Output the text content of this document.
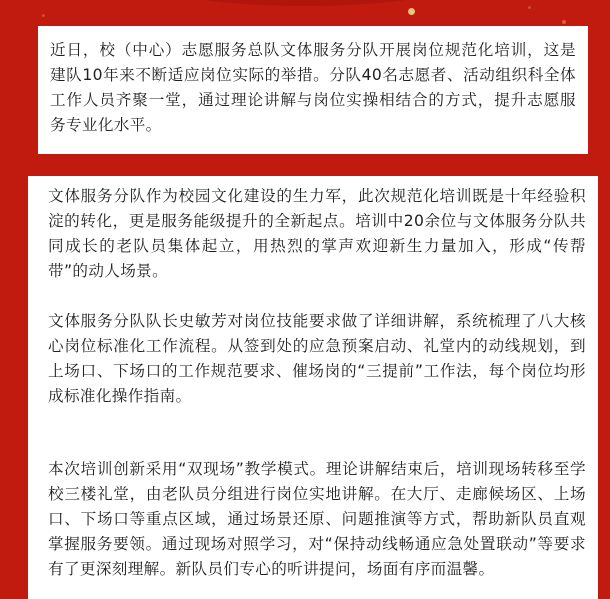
近日，校（中心）志愿服务总队文体服务分队开展岗位规范化培训，这是建队10年来不断适应岗位实际的举措。分队40名志愿者、活动组织科全体工作人员齐聚一堂，通过理论讲解与岗位实操相结合的方式，提升志愿服务专业化水平。

文体服务分队作为校园文化建设的生力军，此次规范化培训既是十年经验积淀的转化，更是服务能级提升的全新起点。培训中20余位与文体服务分队共同成长的老队员集体起立，用热烈的掌声欢迎新生力量加入，形成“传帮带”的动人场景。

文体服务分队队长史敏芳对岗位技能要求做了详细讲解，系统梳理了八大核心岗位标准化工作流程。从签到处的应急预案启动、礼堂内的动线规划，到上场口、下场口的工作规范要求、催场岗的“三提前”工作法，每个岗位均形成标准化操作指南。

本次培训创新采用“双现场”教学模式。理论讲解结束后，培训现场转移至学校三楼礼堂，由老队员分组进行岗位实地讲解。在大厅、走廊候场区、上场口、下场口等重点区域，通过场景还原、问题推演等方式，帮助新队员直观掌握服务要领。通过现场对照学习，对“保持动线畅通应急处置联动”等要求有了更深刻理解。新队员们专心的听讲提问，场面有序而温馨。
